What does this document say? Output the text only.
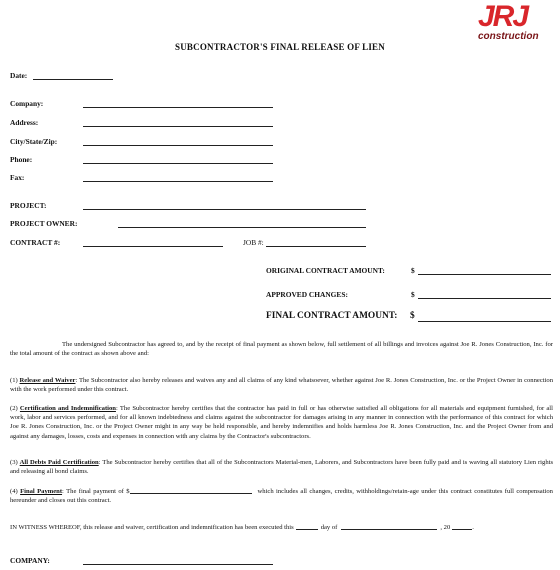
JRJ
construction
SUBCONTRACTOR'S FINAL RELEASE OF LIEN
Date:
Company:
Address:
City/State/Zip:
Phone:
Fax:
PROJECT:
PROJECT OWNER:
CONTRACT #:	JOB #:
ORIGINAL CONTRACT AMOUNT:	$
APPROVED CHANGES:	$
FINAL CONTRACT AMOUNT: $
The undersigned Subcontractor has agreed to, and by the receipt of final payment as shown below, full settlement of all billings and invoices against Joe R. Jones Construction, Inc. for the total amount of the contract as shown above and:
(1) Release and Waiver: The Subcontractor also hereby releases and waives any and all claims of any kind whatsoever, whether against Joe R. Jones Construction, Inc. or the Project Owner in connection with the work performed under this contract.
(2) Certification and Indemnification: The Subcontractor hereby certifies that the contractor has paid in full or has otherwise satisfied all obligations for all materials and equipment furnished, for all work, labor and services performed, and for all known indebtedness and claims against the subcontractor for damages arising in any manner in connection with the performance of this contract for which Joe R. Jones Construction, Inc. or the Project Owner might in any way be held responsible, and hereby indemnifies and holds harmless Joe R. Jones Construction, Inc. and the Project Owner from and against any damages, losses, costs and expenses in connection with any claims by the Contractor's subcontractors.
(3) All Debts Paid Certification: The Subcontractor hereby certifies that all of the Subcontractors Material-men, Laborers, and Subcontractors have been fully paid and is waving all statutory Lien rights and releasing all bond claims.
(4) Final Payment: The final payment of $	which includes all changes, credits, withholdings/retain-age under this contract constitutes full compensation hereunder and closes out this contract.
IN WITNESS WHEREOF, this release and waiver, certification and indemnification has been executed this	day of	, 20	.
COMPANY:
